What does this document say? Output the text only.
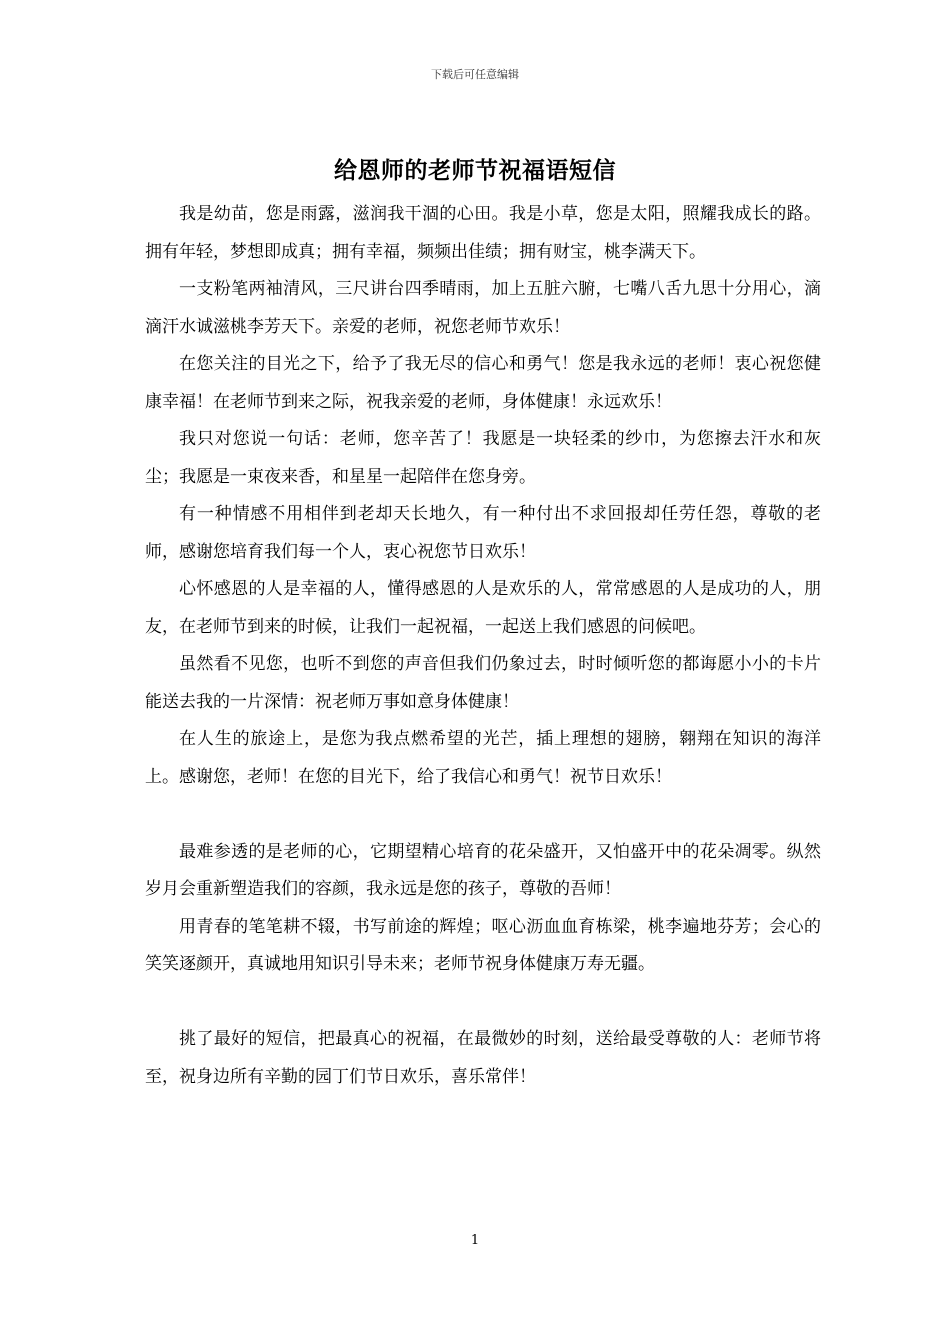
下载后可任意编辑
给恩师的老师节祝福语短信

我是幼苗，您是雨露，滋润我干涸的心田。我是小草，您是太阳，照耀我成长的路。拥有年轻，梦想即成真；拥有幸福，频频出佳绩；拥有财宝，桃李满天下。

一支粉笔两袖清风，三尺讲台四季晴雨，加上五脏六腑，七嘴八舌九思十分用心，滴滴汗水诚滋桃李芳天下。亲爱的老师，祝您老师节欢乐！

在您关注的目光之下，给予了我无尽的信心和勇气！您是我永远的老师！衷心祝您健康幸福！在老师节到来之际，祝我亲爱的老师，身体健康！永远欢乐！

我只对您说一句话：老师，您辛苦了！我愿是一块轻柔的纱巾，为您擦去汗水和灰尘；我愿是一束夜来香，和星星一起陪伴在您身旁。

有一种情感不用相伴到老却天长地久，有一种付出不求回报却任劳任怨，尊敬的老师，感谢您培育我们每一个人，衷心祝您节日欢乐！

心怀感恩的人是幸福的人，懂得感恩的人是欢乐的人，常常感恩的人是成功的人，朋友，在老师节到来的时候，让我们一起祝福，一起送上我们感恩的问候吧。

虽然看不见您，也听不到您的声音但我们仍象过去，时时倾听您的都诲愿小小的卡片能送去我的一片深情：祝老师万事如意身体健康！

在人生的旅途上，是您为我点燃希望的光芒，插上理想的翅膀，翱翔在知识的海洋上。感谢您，老师！在您的目光下，给了我信心和勇气！祝节日欢乐！

最难参透的是老师的心，它期望精心培育的花朵盛开，又怕盛开中的花朵凋零。纵然岁月会重新塑造我们的容颜，我永远是您的孩子，尊敬的吾师！

用青春的笔笔耕不辍，书写前途的辉煌；呕心沥血血育栋梁，桃李遍地芬芳；会心的笑笑逐颜开，真诚地用知识引导未来；老师节祝身体健康万寿无疆。

挑了最好的短信，把最真心的祝福，在最微妙的时刻，送给最受尊敬的人：老师节将至，祝身边所有辛勤的园丁们节日欢乐，喜乐常伴！

1
